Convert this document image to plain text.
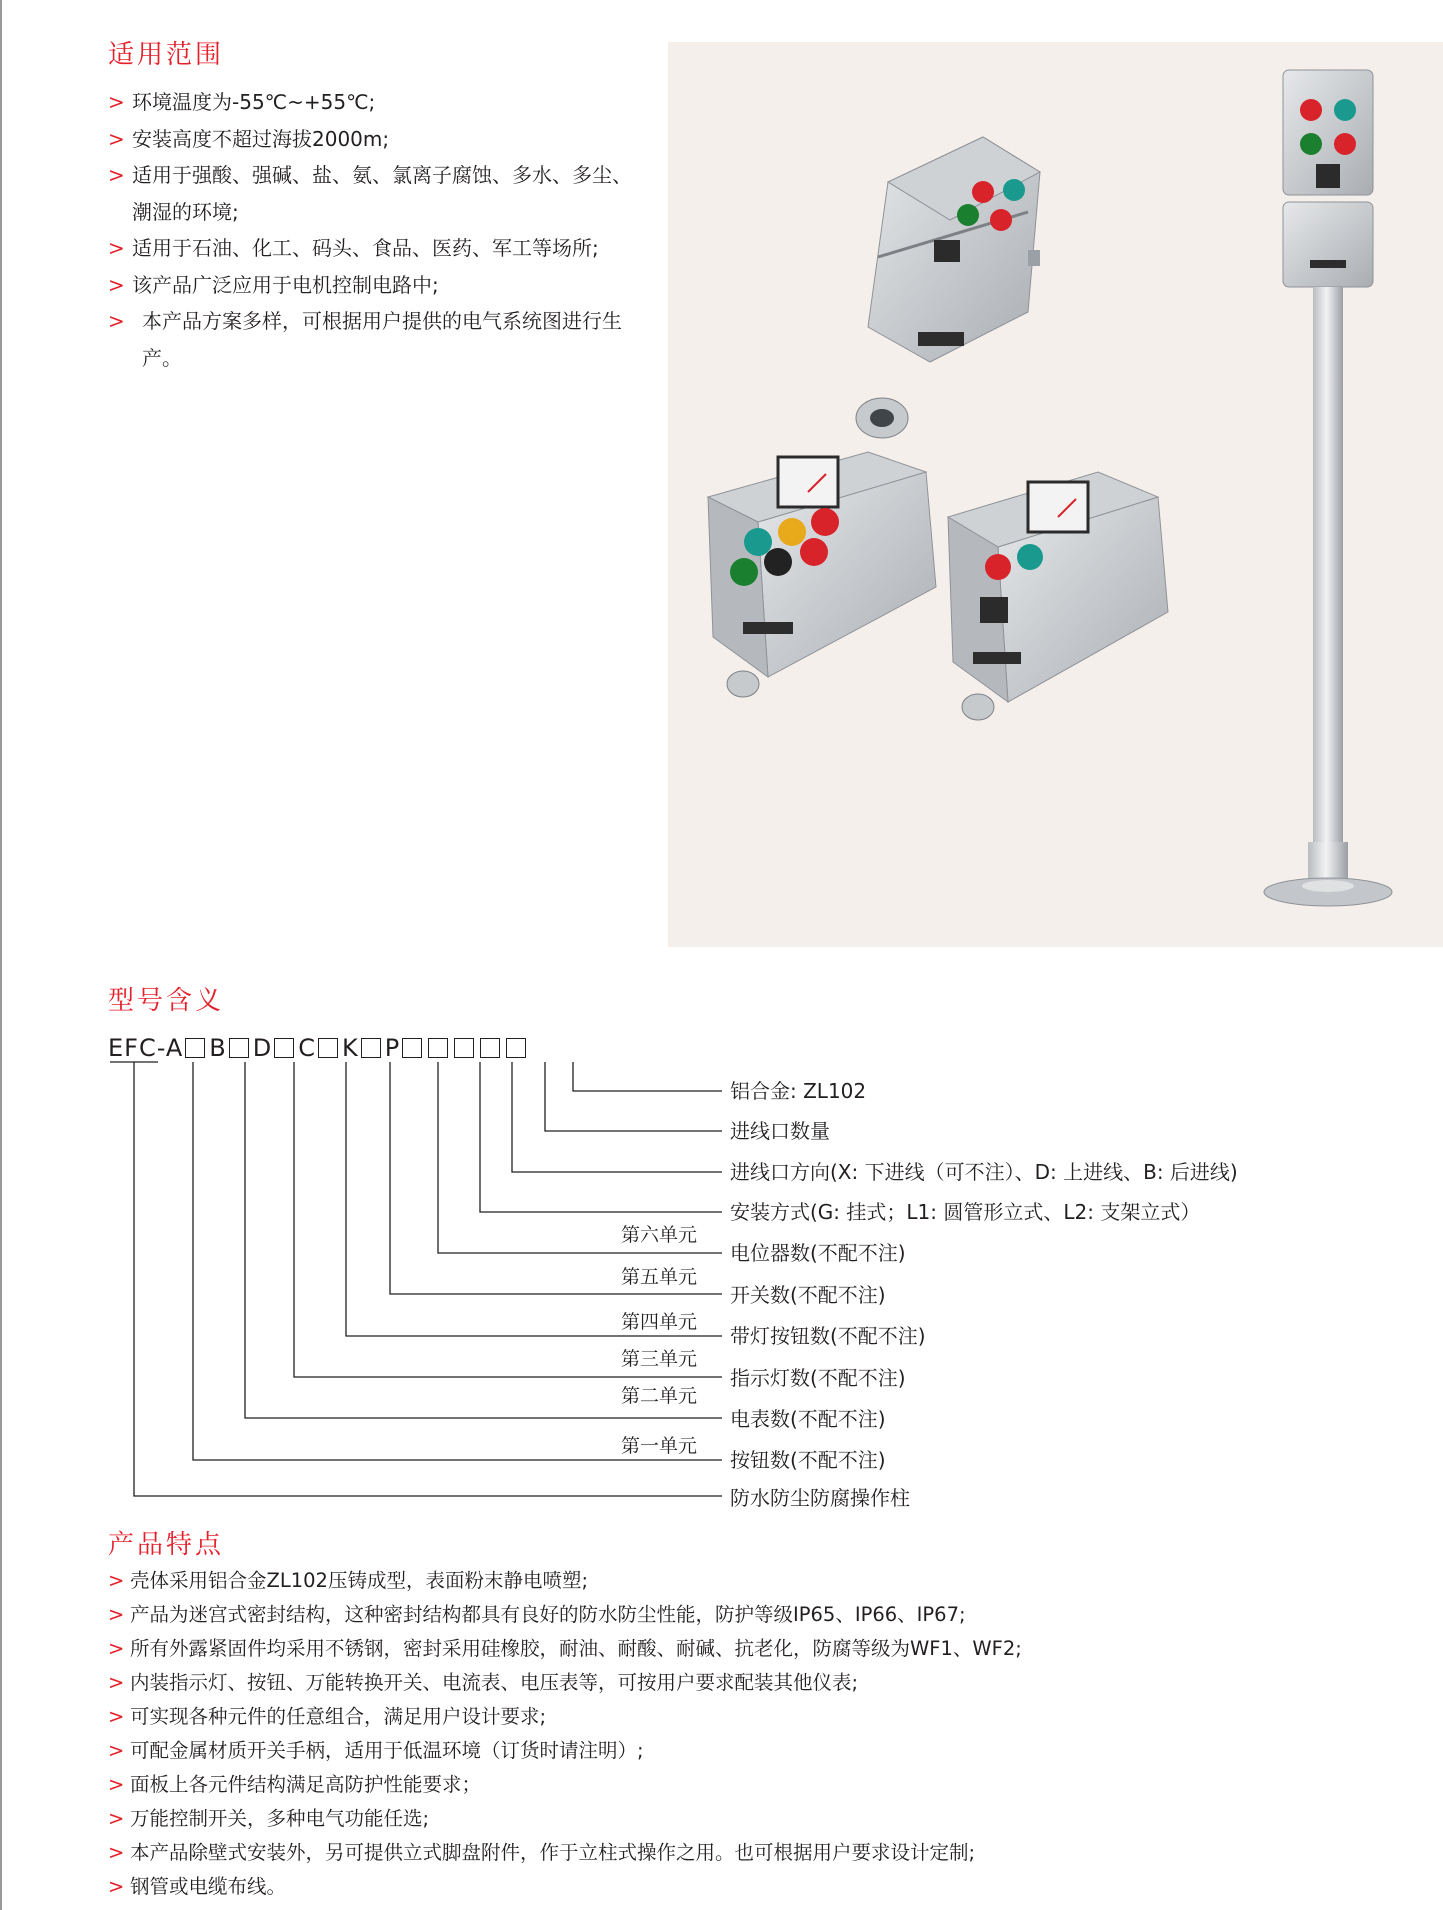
适用范围
> 环境温度为-55℃~+55℃;
> 安装高度不超过海拔2000m;
> 适用于强酸、强碱、盐、氨、氯离子腐蚀、多水、多尘、潮湿的环境;
> 适用于石油、化工、码头、食品、医药、军工等场所;
> 该产品广泛应用于电机控制电路中;
> 本产品方案多样，可根据用户提供的电气系统图进行生产。
型号含义
EFC-A B D C K P
铝合金: ZL102
进线口数量
进线口方向(X: 下进线（可不注）、D: 上进线、B: 后进线)
安装方式(G: 挂式；L1: 圆管形立式、L2: 支架立式）
电位器数(不配不注)
开关数(不配不注)
带灯按钮数(不配不注)
指示灯数(不配不注)
电表数(不配不注)
按钮数(不配不注)
防水防尘防腐操作柱
第六单元
第五单元
第四单元
第三单元
第二单元
第一单元
产品特点
> 壳体采用铝合金ZL102压铸成型，表面粉末静电喷塑;
> 产品为迷宫式密封结构，这种密封结构都具有良好的防水防尘性能，防护等级IP65、IP66、IP67;
> 所有外露紧固件均采用不锈钢，密封采用硅橡胶，耐油、耐酸、耐碱、抗老化，防腐等级为WF1、WF2;
> 内装指示灯、按钮、万能转换开关、电流表、电压表等，可按用户要求配装其他仪表;
> 可实现各种元件的任意组合，满足用户设计要求;
> 可配金属材质开关手柄，适用于低温环境（订货时请注明）;
> 面板上各元件结构满足高防护性能要求；
> 万能控制开关，多种电气功能任选;
> 本产品除壁式安装外，另可提供立式脚盘附件，作于立柱式操作之用。也可根据用户要求设计定制;
> 钢管或电缆布线。
